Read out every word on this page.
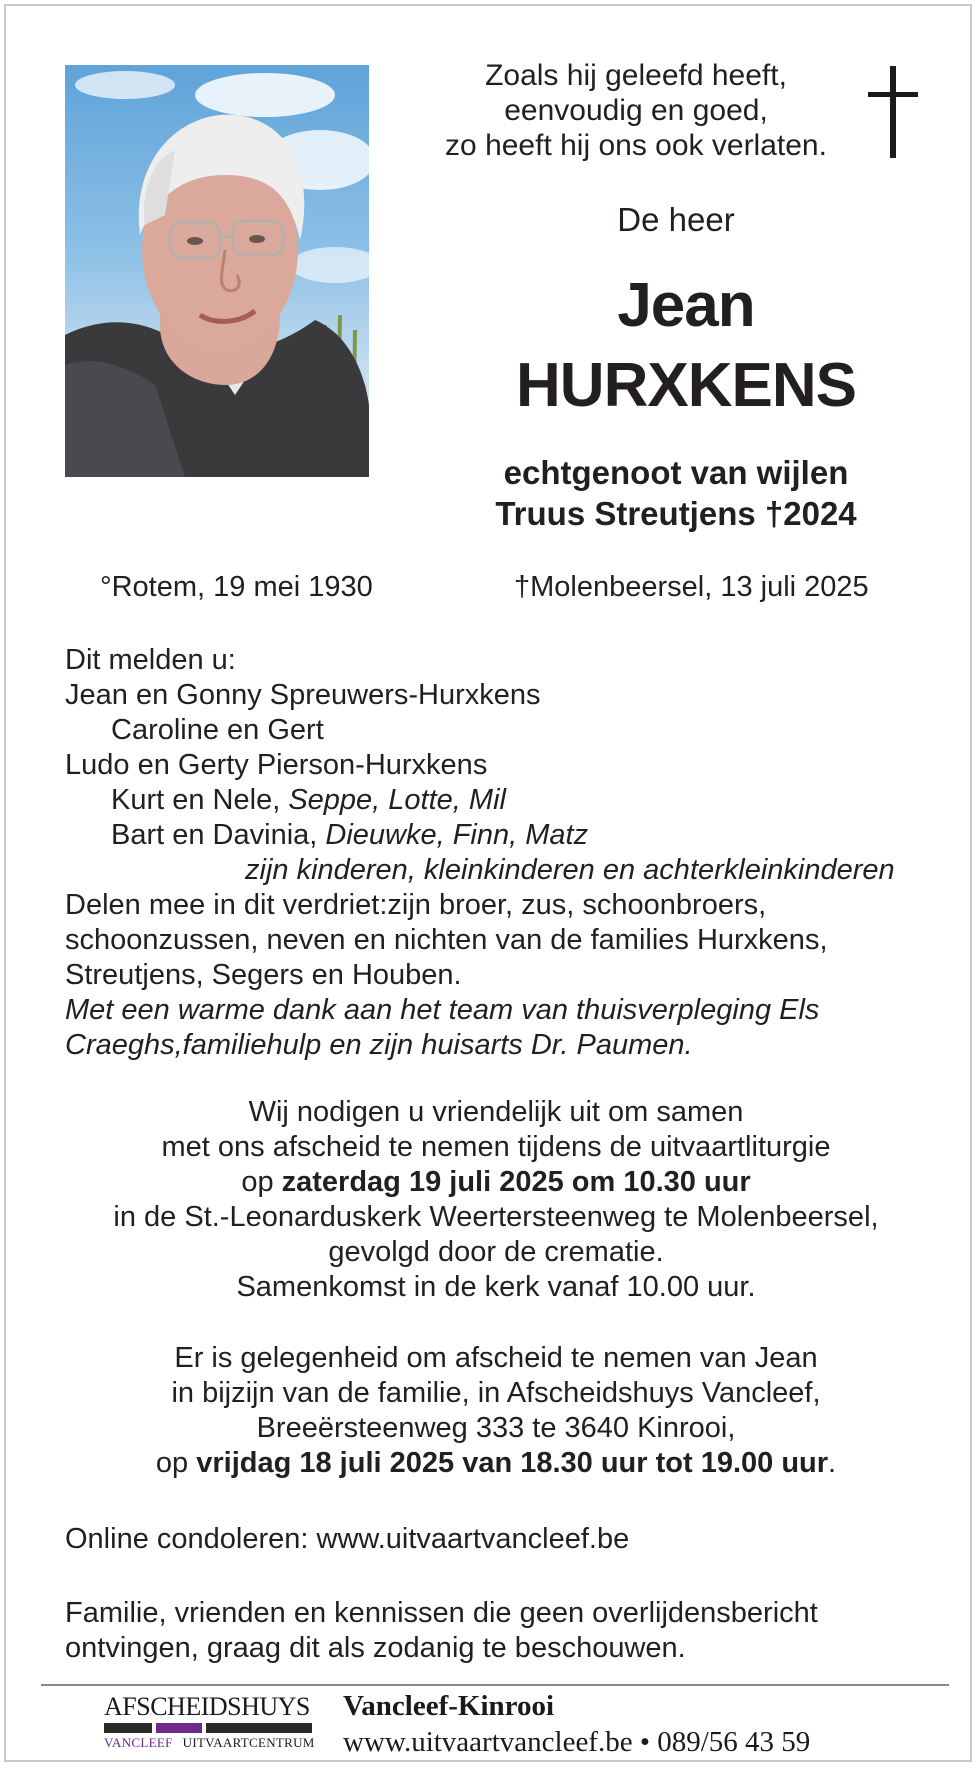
Zoals hij geleefd heeft,
eenvoudig en goed,
zo heeft hij ons ook verlaten.
De heer
Jean
HURXKENS
echtgenoot van wijlen
Truus Streutjens †2024
°Rotem, 19 mei 1930	†Molenbeersel, 13 juli 2025
Dit melden u:
Jean en Gonny Spreuwers-Hurxkens
Caroline en Gert
Ludo en Gerty Pierson-Hurxkens
Kurt en Nele, Seppe, Lotte, Mil
Bart en Davinia, Dieuwke, Finn, Matz
zijn kinderen, kleinkinderen en achterkleinkinderen
Delen mee in dit verdriet:zijn broer, zus, schoonbroers,
schoonzussen, neven en nichten van de families Hurxkens,
Streutjens, Segers en Houben.
Met een warme dank aan het team van thuisverpleging Els
Craeghs,familiehulp en zijn huisarts Dr. Paumen.
Wij nodigen u vriendelijk uit om samen
met ons afscheid te nemen tijdens de uitvaartliturgie
op zaterdag 19 juli 2025 om 10.30 uur
in de St.-Leonarduskerk Weertersteenweg te Molenbeersel,
gevolgd door de crematie.
Samenkomst in de kerk vanaf 10.00 uur.
Er is gelegenheid om afscheid te nemen van Jean
in bijzijn van de familie, in Afscheidshuys Vancleef,
Breeërsteenweg 333 te 3640 Kinrooi,
op vrijdag 18 juli 2025 van 18.30 uur tot 19.00 uur.
Online condoleren: www.uitvaartvancleef.be
Familie, vrienden en kennissen die geen overlijdensbericht
ontvingen, graag dit als zodanig te beschouwen.
AFSCHEIDSHUYS
VANCLEEF UITVAARTCENTRUM
Vancleef-Kinrooi
www.uitvaartvancleef.be • 089/56 43 59
